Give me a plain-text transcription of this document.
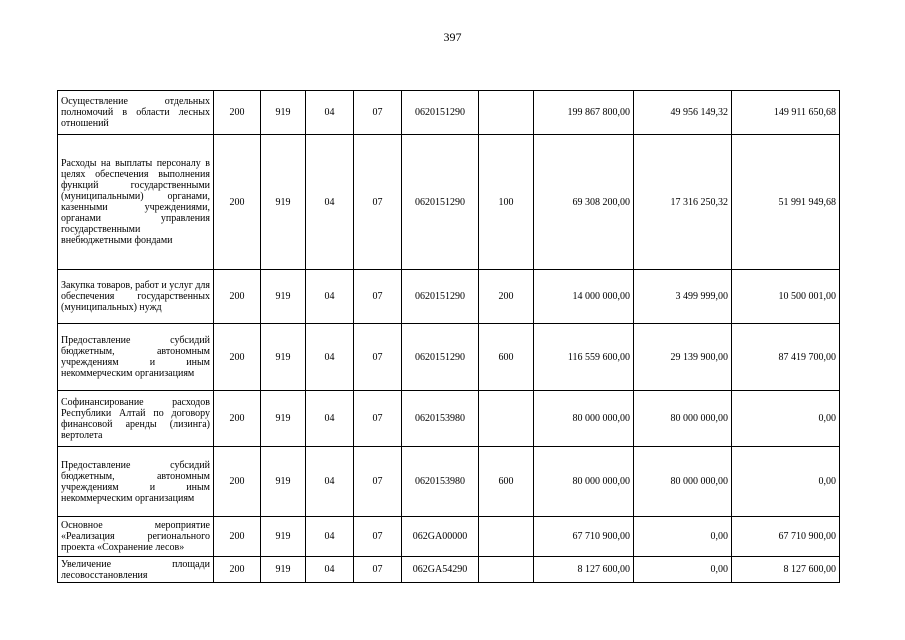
397
Осуществление отдельных полномочий в области лесных отношений	200	919	04	07	0620151290		199 867 800,00	49 956 149,32	149 911 650,68
Расходы на выплаты персоналу в целях обеспечения выполнения функций государственными (муниципальными) органами, казенными учреждениями, органами управления государственными внебюджетными фондами	200	919	04	07	0620151290	100	69 308 200,00	17 316 250,32	51 991 949,68
Закупка товаров, работ и услуг для обеспечения государственных (муниципальных) нужд	200	919	04	07	0620151290	200	14 000 000,00	3 499 999,00	10 500 001,00
Предоставление субсидий бюджетным, автономным учреждениям и иным некоммерческим организациям	200	919	04	07	0620151290	600	116 559 600,00	29 139 900,00	87 419 700,00
Софинансирование расходов Республики Алтай по договору финансовой аренды (лизинга) вертолета	200	919	04	07	0620153980		80 000 000,00	80 000 000,00	0,00
Предоставление субсидий бюджетным, автономным учреждениям и иным некоммерческим организациям	200	919	04	07	0620153980	600	80 000 000,00	80 000 000,00	0,00
Основное мероприятие «Реализация регионального проекта «Сохранение лесов»	200	919	04	07	062GA00000		67 710 900,00	0,00	67 710 900,00
Увеличение площади лесовосстановления	200	919	04	07	062GA54290		8 127 600,00	0,00	8 127 600,00
